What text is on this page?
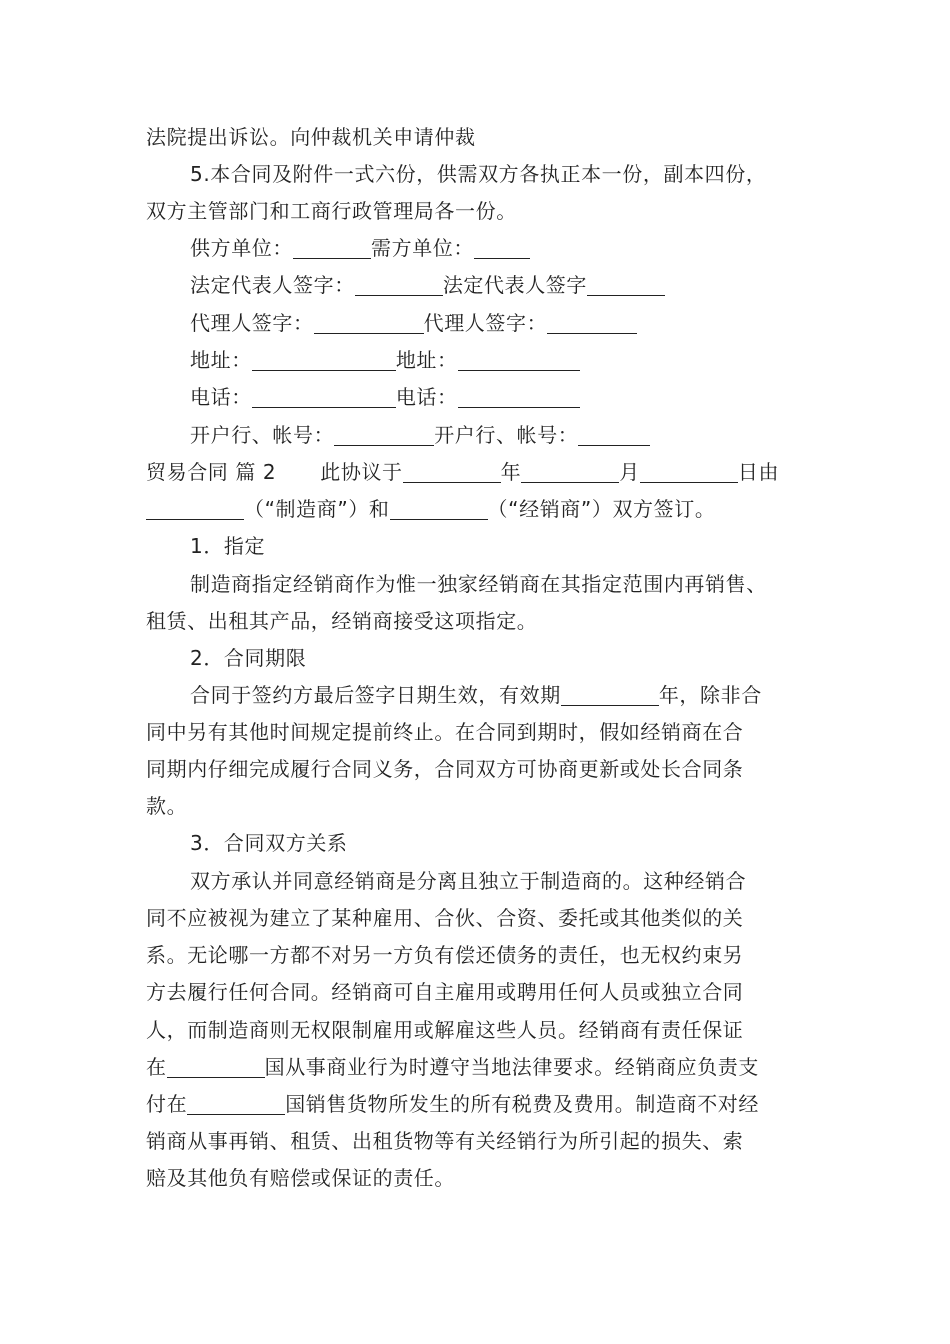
法院提出诉讼。向仲裁机关申请仲裁
5.本合同及附件一式六份，供需双方各执正本一份，副本四份，
双方主管部门和工商行政管理局各一份。
供方单位：	需方单位：
法定代表人签字：	法定代表人签字
代理人签字：	代理人签字：
地址：	地址：
电话：	电话：
开户行、帐号：	开户行、帐号：
贸易合同 篇 2 此协议于	年	月	日由
（“制造商”）和	（“经销商”）双方签订。
1．指定
制造商指定经销商作为惟一独家经销商在其指定范围内再销售、
租赁、出租其产品，经销商接受这项指定。
2．合同期限
合同于签约方最后签字日期生效，有效期	年，除非合
同中另有其他时间规定提前终止。在合同到期时，假如经销商在合
同期内仔细完成履行合同义务，合同双方可协商更新或处长合同条
款。
3．合同双方关系
双方承认并同意经销商是分离且独立于制造商的。这种经销合
同不应被视为建立了某种雇用、合伙、合资、委托或其他类似的关
系。无论哪一方都不对另一方负有偿还债务的责任，也无权约束另
方去履行任何合同。经销商可自主雇用或聘用任何人员或独立合同
人，而制造商则无权限制雇用或解雇这些人员。经销商有责任保证
在	国从事商业行为时遵守当地法律要求。经销商应负责支
付在	国销售货物所发生的所有税费及费用。制造商不对经
销商从事再销、租赁、出租货物等有关经销行为所引起的损失、索
赔及其他负有赔偿或保证的责任。
